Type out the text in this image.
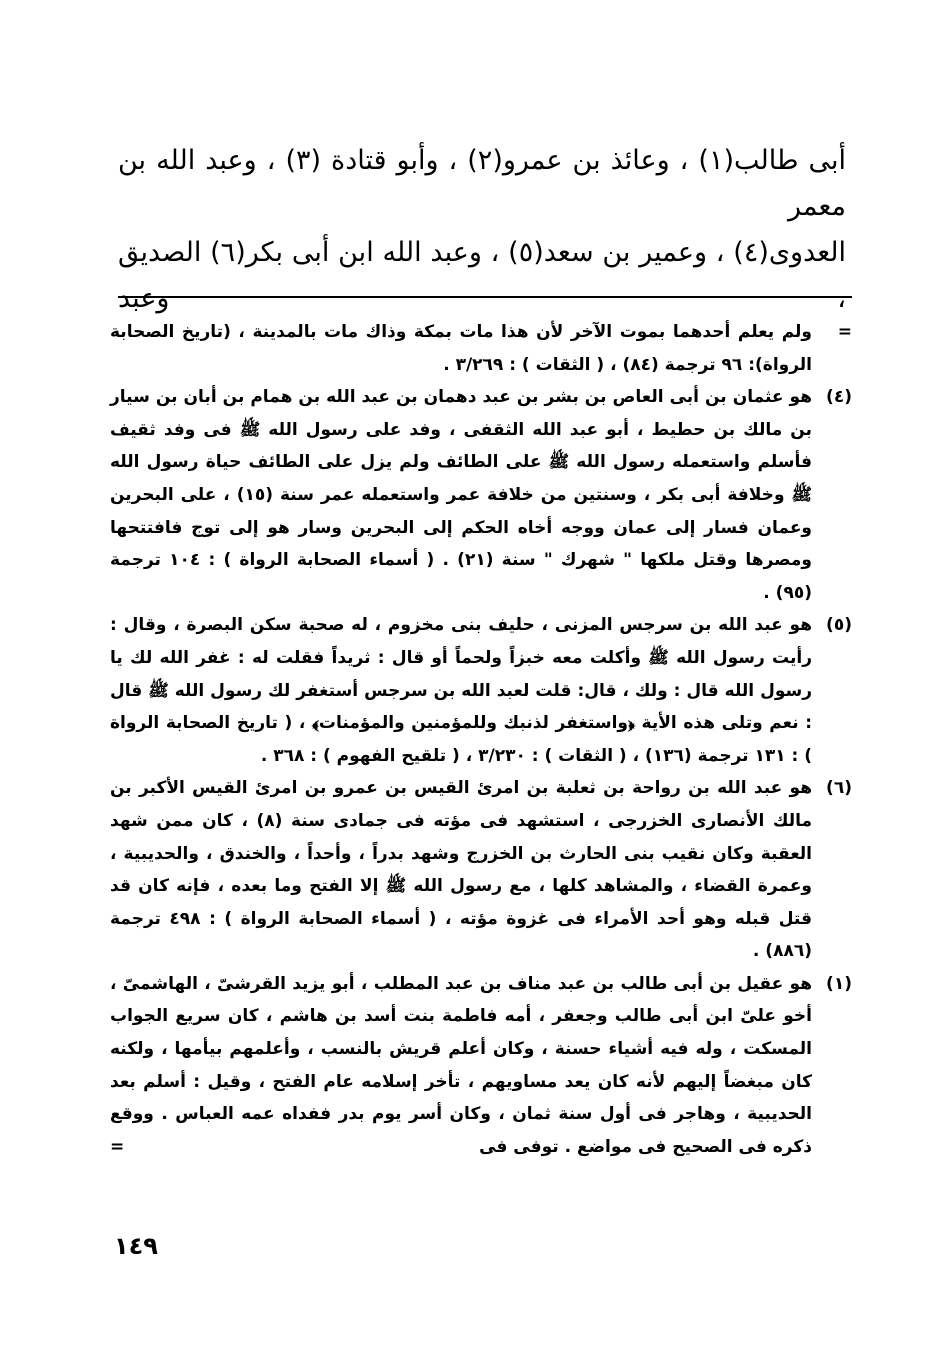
أبى طالب(١) ، وعائذ بن عمرو(٢) ، وأبو قتادة (٣) ، وعبد الله بن معمر

العدوى(٤) ، وعمير بن سعد(٥) ، وعبد الله ابن أبى بكر(٦) الصديق ، وعبد

=
ولم يعلم أحدهما بموت الآخر لأن هذا مات بمكة وذاك مات بالمدينة ، (تاريخ الصحابة الرواة): ٩٦ ترجمة (٨٤) ، ( الثقات ) : ٣/٢٦٩ .
(٤)
هو عثمان بن أبى العاص بن بشر بن عبد دهمان بن عبد الله بن همام بن أبان بن سيار بن مالك بن حطيط ، أبو عبد الله الثقفى ، وفد على رسول الله ﷺ فى وفد ثقيف فأسلم واستعمله رسول الله ﷺ على الطائف ولم يزل على الطائف حياة رسول الله ﷺ وخلافة أبى بكر ، وسنتين من خلافة عمر واستعمله عمر سنة (١٥) ، على البحرين وعمان فسار إلى عمان ووجه أخاه الحكم إلى البحرين وسار هو إلى توج فافتتحها ومصرها وقتل ملكها " شهرك " سنة (٢١) . ( أسماء الصحابة الرواة ) : ١٠٤ ترجمة (٩٥) .
(٥)
هو عبد الله بن سرجس المزنى ، حليف بنى مخزوم ، له صحبة سكن البصرة ، وقال : رأيت رسول الله ﷺ وأكلت معه خبزاً ولحماً أو قال : ثريداً فقلت له : غفر الله لك يا رسول الله قال : ولك ، قال: قلت لعبد الله بن سرجس أستغفر لك رسول الله ﷺ قال : نعم وتلى هذه الأية ﴿واستغفر لذنبك وللمؤمنين والمؤمنات﴾ ، ( تاريخ الصحابة الرواة ) : ١٣١ ترجمة (١٣٦) ، ( الثقات ) : ٣/٢٣٠ ، ( تلقيح الفهوم ) : ٣٦٨ .
(٦)
هو عبد الله بن رواحة بن ثعلبة بن امرئ القيس بن عمرو بن امرئ القيس الأكبر بن مالك الأنصارى الخزرجى ، استشهد فى مؤته فى جمادى سنة (٨) ، كان ممن شهد العقبة وكان نقيب بنى الحارث بن الخزرج وشهد بدراً ، وأحداً ، والخندق ، والحديبية ، وعمرة القضاء ، والمشاهد كلها ، مع رسول الله ﷺ إلا الفتح وما بعده ، فإنه كان قد قتل قبله وهو أحد الأمراء فى غزوة مؤته ، ( أسماء الصحابة الرواة ) : ٤٩٨ ترجمة (٨٨٦) .
(١)
هو عقيل بن أبى طالب بن عبد مناف بن عبد المطلب ، أبو يزيد القرشىّ ، الهاشمىّ ، أخو علىّ ابن أبى طالب وجعفر ، أمه فاطمة بنت أسد بن هاشم ، كان سريع الجواب المسكت ، وله فيه أشياء حسنة ، وكان أعلم قريش بالنسب ، وأعلمهم بيأمها ، ولكنه كان مبغضاً إليهم لأنه كان يعد مساويهم ، تأخر إسلامه عام الفتح ، وقيل : أسلم بعد الحديبية ، وهاجر فى أول سنة ثمان ، وكان أسر يوم بدر ففداه عمه العباس . ووقع ذكره فى الصحيح فى مواضع . توفى فى
=
١٤٩
